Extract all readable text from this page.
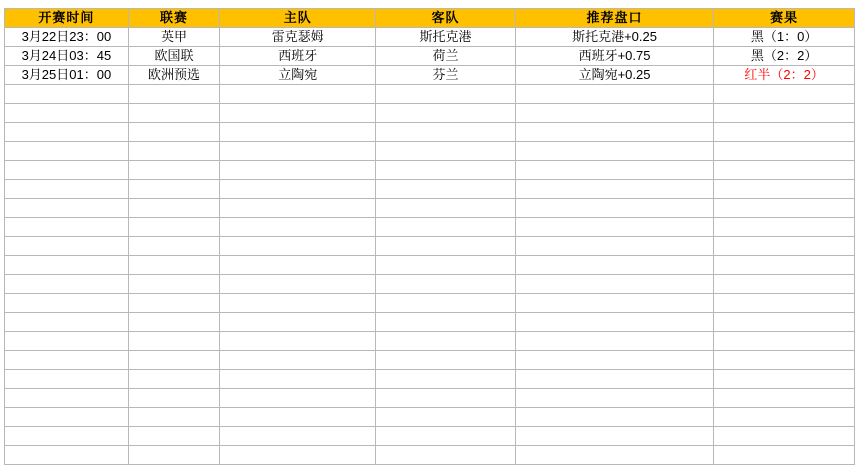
开赛时间	联赛	主队	客队	推荐盘口	赛果
3月22日23：00	英甲	雷克瑟姆	斯托克港	斯托克港+0.25	黑（1：0）
3月24日03：45	欧国联	西班牙	荷兰	西班牙+0.75	黑（2：2）
3月25日01：00	欧洲预选	立陶宛	芬兰	立陶宛+0.25	红半（2：2）
